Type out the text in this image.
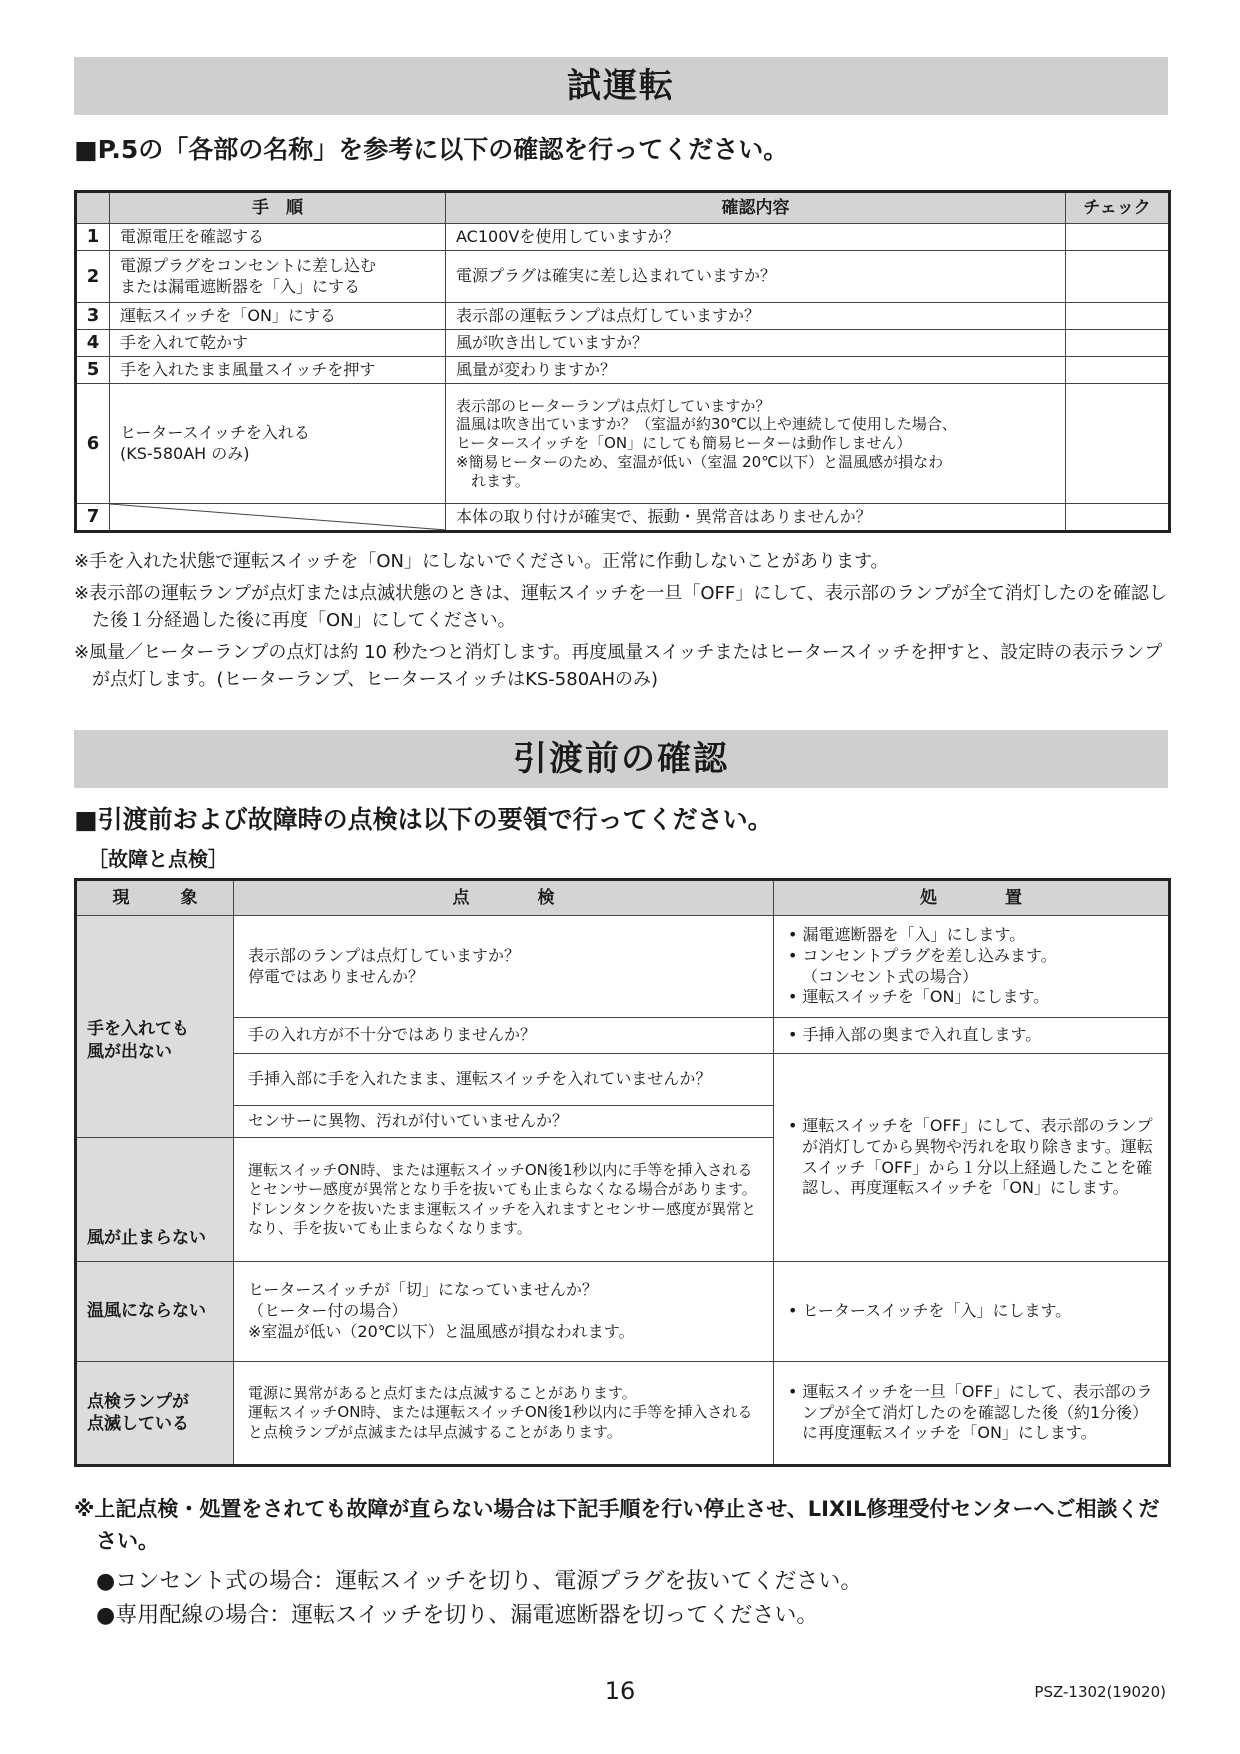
試運転
■P.5の「各部の名称」を参考に以下の確認を行ってください。
	手　順	確認内容	チェック
1	電源電圧を確認する	AC100Vを使用していますか？	
2	電源プラグをコンセントに差し込む
または漏電遮断器を「入」にする	電源プラグは確実に差し込まれていますか？	
3	運転スイッチを「ON」にする	表示部の運転ランプは点灯していますか？	
4	手を入れて乾かす	風が吹き出していますか？	
5	手を入れたまま風量スイッチを押す	風量が変わりますか？	
6	ヒータースイッチを入れる
(KS-580AH のみ)	表示部のヒーターランプは点灯していますか？
温風は吹き出ていますか？（室温が約30℃以上や連続して使用した場合、
ヒータースイッチを「ON」にしても簡易ヒーターは動作しません）
※簡易ヒーターのため、室温が低い（室温 20℃以下）と温風感が損なわ
　れます。	
7		本体の取り付けが確実で、振動・異常音はありませんか？	

※手を入れた状態で運転スイッチを「ON」にしないでください。正常に作動しないことがあります。

※表示部の運転ランプが点灯または点滅状態のときは、運転スイッチを一旦「OFF」にして、表示部のランプが全て消灯したのを確認した後１分経過した後に再度「ON」にしてください。

※風量／ヒーターランプの点灯は約 10 秒たつと消灯します。再度風量スイッチまたはヒータースイッチを押すと、設定時の表示ランプが点灯します。(ヒーターランプ、ヒータースイッチはKS-580AHのみ)

引渡前の確認
■引渡前および故障時の点検は以下の要領で行ってください。
［故障と点検］
現　　　象	点　　　　検	処　　　　置
手を入れても
風が出ない	表示部のランプは点灯していますか？
停電ではありませんか？	• 漏電遮断器を「入」にします。
• コンセントプラグを差し込みます。
（コンセント式の場合）
• 運転スイッチを「ON」にします。

	手の入れ方が不十分ではありませんか？	• 手挿入部の奥まで入れ直します。

	手挿入部に手を入れたまま、運転スイッチを入れていませんか？	• 運転スイッチを「OFF」にして、表示部のランプが消灯してから異物や汚れを取り除きます。運転スイッチ「OFF」から１分以上経過したことを確認し、再度運転スイッチを「ON」にします。

	センサーに異物、汚れが付いていませんか？	
風が止まらない	運転スイッチON時、または運転スイッチON後1秒以内に手等を挿入されるとセンサー感度が異常となり手を抜いても止まらなくなる場合があります。
ドレンタンクを抜いたまま運転スイッチを入れますとセンサー感度が異常となり、手を抜いても止まらなくなります。	
温風にならない	ヒータースイッチが「切」になっていませんか？
（ヒーター付の場合）
※室温が低い（20℃以下）と温風感が損なわれます。	• ヒータースイッチを「入」にします。

点検ランプが
点滅している	電源に異常があると点灯または点滅することがあります。
運転スイッチON時、または運転スイッチON後1秒以内に手等を挿入されると点検ランプが点滅または早点滅することがあります。	• 運転スイッチを一旦「OFF」にして、表示部のランプが全て消灯したのを確認した後（約1分後）に再度運転スイッチを「ON」にします。
※上記点検・処置をされても故障が直らない場合は下記手順を行い停止させ、LIXIL修理受付センターへご相談ください。
●コンセント式の場合：運転スイッチを切り、電源プラグを抜いてください。
●専用配線の場合：運転スイッチを切り、漏電遮断器を切ってください。
16	PSZ-1302(19020)
